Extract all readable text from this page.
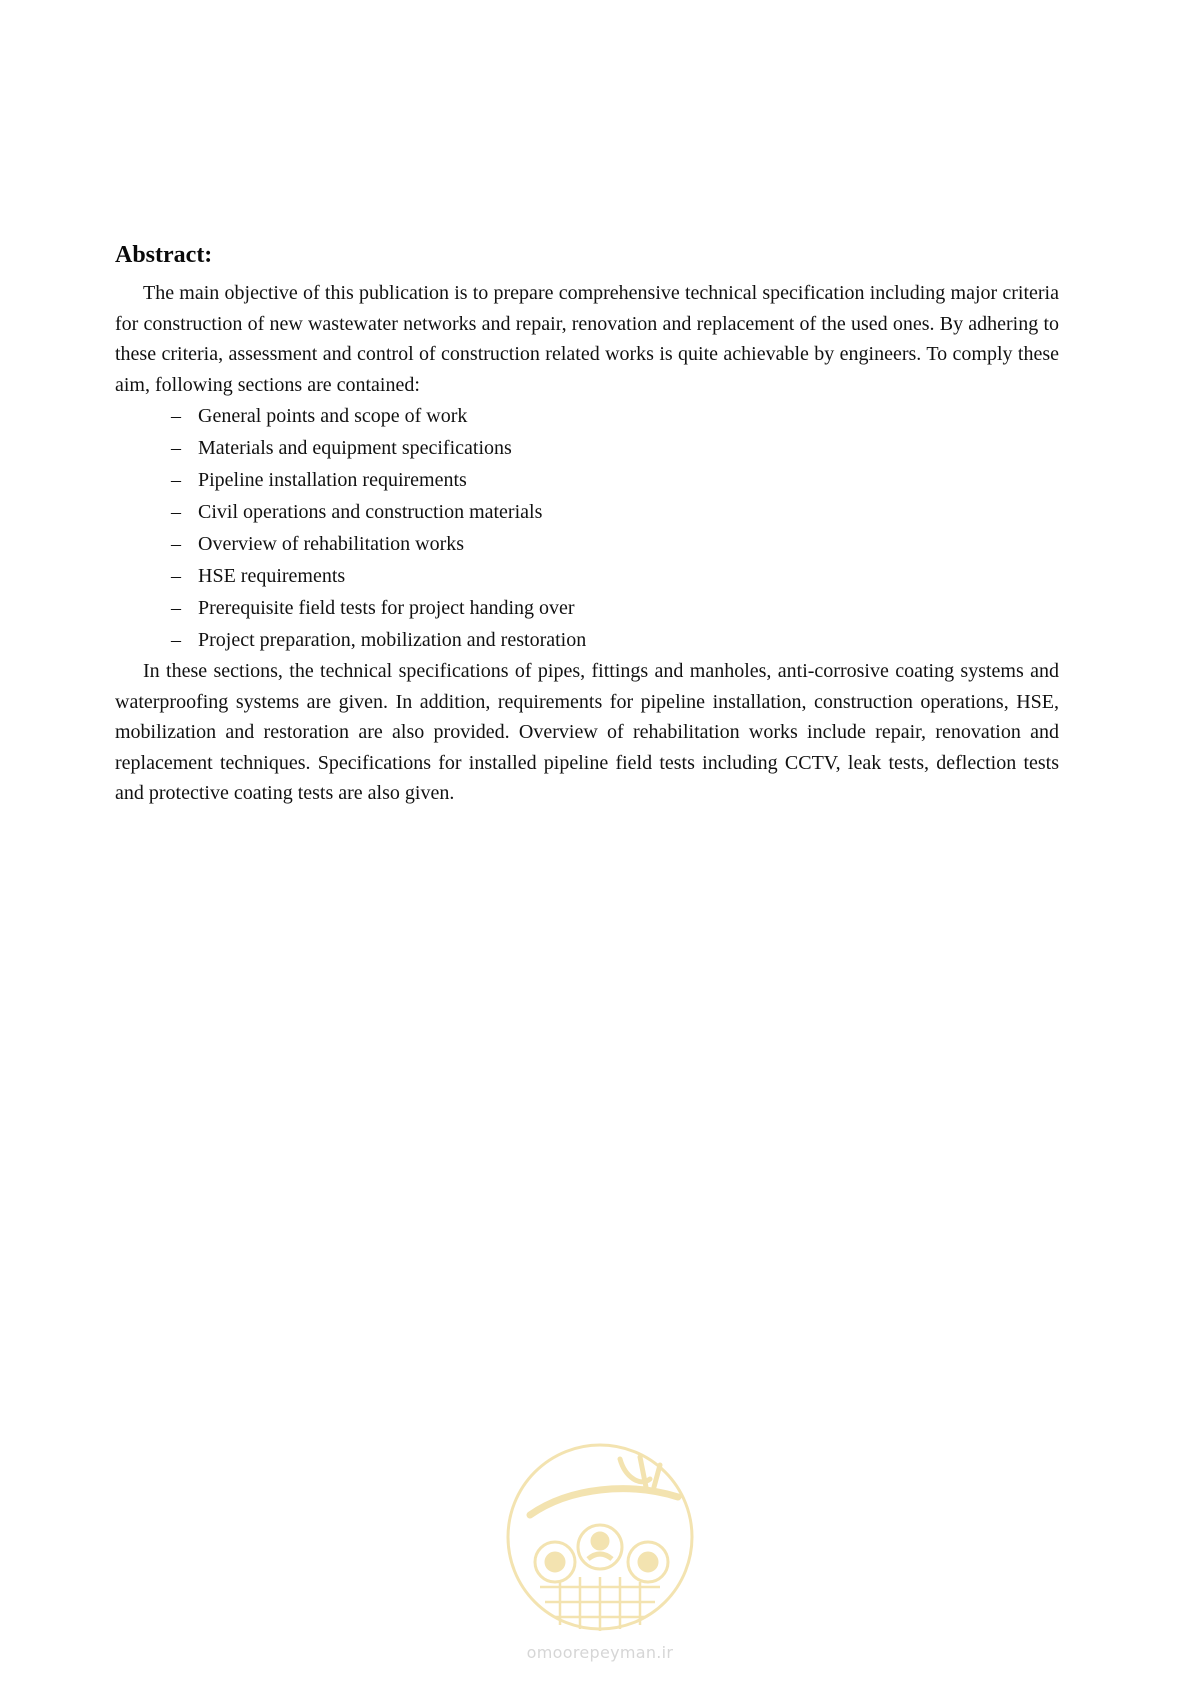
Abstract:

The main objective of this publication is to prepare comprehensive technical specification including major criteria for construction of new wastewater networks and repair, renovation and replacement of the used ones. By adhering to these criteria, assessment and control of construction related works is quite achievable by engineers. To comply these aim, following sections are contained:

– General points and scope of work
– Materials and equipment specifications
– Pipeline installation requirements
– Civil operations and construction materials
– Overview of rehabilitation works
– HSE requirements
– Prerequisite field tests for project handing over
– Project preparation, mobilization and restoration

In these sections, the technical specifications of pipes, fittings and manholes, anti-corrosive coating systems and waterproofing systems are given. In addition, requirements for pipeline installation, construction operations, HSE, mobilization and restoration are also provided. Overview of rehabilitation works include repair, renovation and replacement techniques. Specifications for installed pipeline field tests including CCTV, leak tests, deflection tests and protective coating tests are also given.

omoorepeyman.ir
